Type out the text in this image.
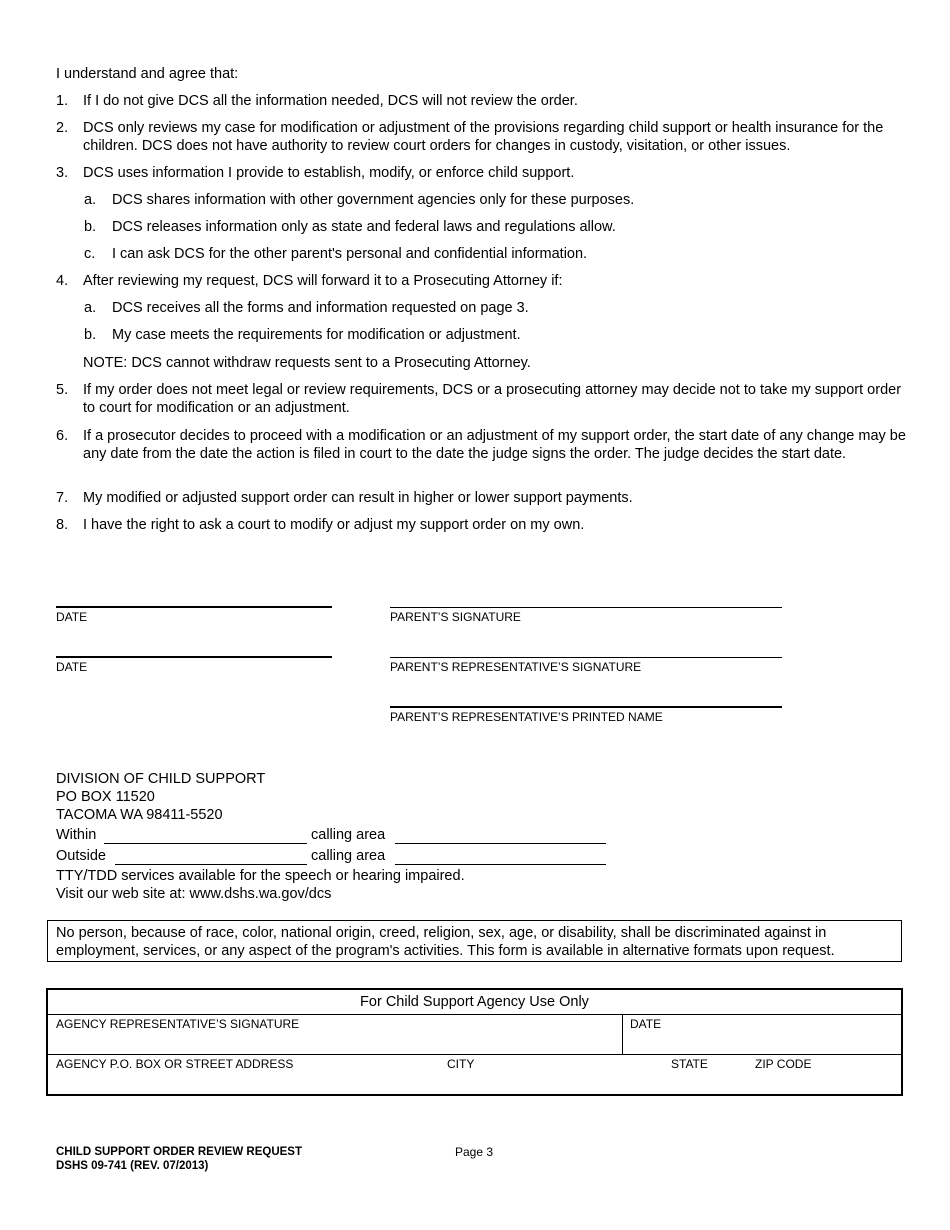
I understand and agree that:
1.	If I do not give DCS all the information needed, DCS will not review the order.
2.	DCS only reviews my case for modification or adjustment of the provisions regarding child support or health insurance for the children. DCS does not have authority to review court orders for changes in custody, visitation, or other issues.
3.	DCS uses information I provide to establish, modify, or enforce child support.
a.	DCS shares information with other government agencies only for these purposes.
b.	DCS releases information only as state and federal laws and regulations allow.
c.	I can ask DCS for the other parent's personal and confidential information.
4.	After reviewing my request, DCS will forward it to a Prosecuting Attorney if:
a.	DCS receives all the forms and information requested on page 3.
b.	My case meets the requirements for modification or adjustment.
NOTE: DCS cannot withdraw requests sent to a Prosecuting Attorney.
5.	If my order does not meet legal or review requirements, DCS or a prosecuting attorney may decide not to take my support order to court for modification or an adjustment.
6.	If a prosecutor decides to proceed with a modification or an adjustment of my support order, the start date of any change may be any date from the date the action is filed in court to the date the judge signs the order. The judge decides the start date.
7.	My modified or adjusted support order can result in higher or lower support payments.
8.	I have the right to ask a court to modify or adjust my support order on my own.
DATE	PARENT’S SIGNATURE
DATE	PARENT’S REPRESENTATIVE’S SIGNATURE
PARENT’S REPRESENTATIVE’S PRINTED NAME
DIVISION OF CHILD SUPPORT
PO BOX 11520
TACOMA WA 98411-5520
Within	calling area
Outside	calling area
TTY/TDD services available for the speech or hearing impaired.
Visit our web site at: www.dshs.wa.gov/dcs
No person, because of race, color, national origin, creed, religion, sex, age, or disability, shall be discriminated against in employment, services, or any aspect of the program's activities. This form is available in alternative formats upon request.
For Child Support Agency Use Only
AGENCY REPRESENTATIVE’S SIGNATURE	DATE
AGENCY P.O. BOX OR STREET ADDRESS	CITY	STATE	ZIP CODE
CHILD SUPPORT ORDER REVIEW REQUEST
DSHS 09-741 (REV. 07/2013)
Page 3
